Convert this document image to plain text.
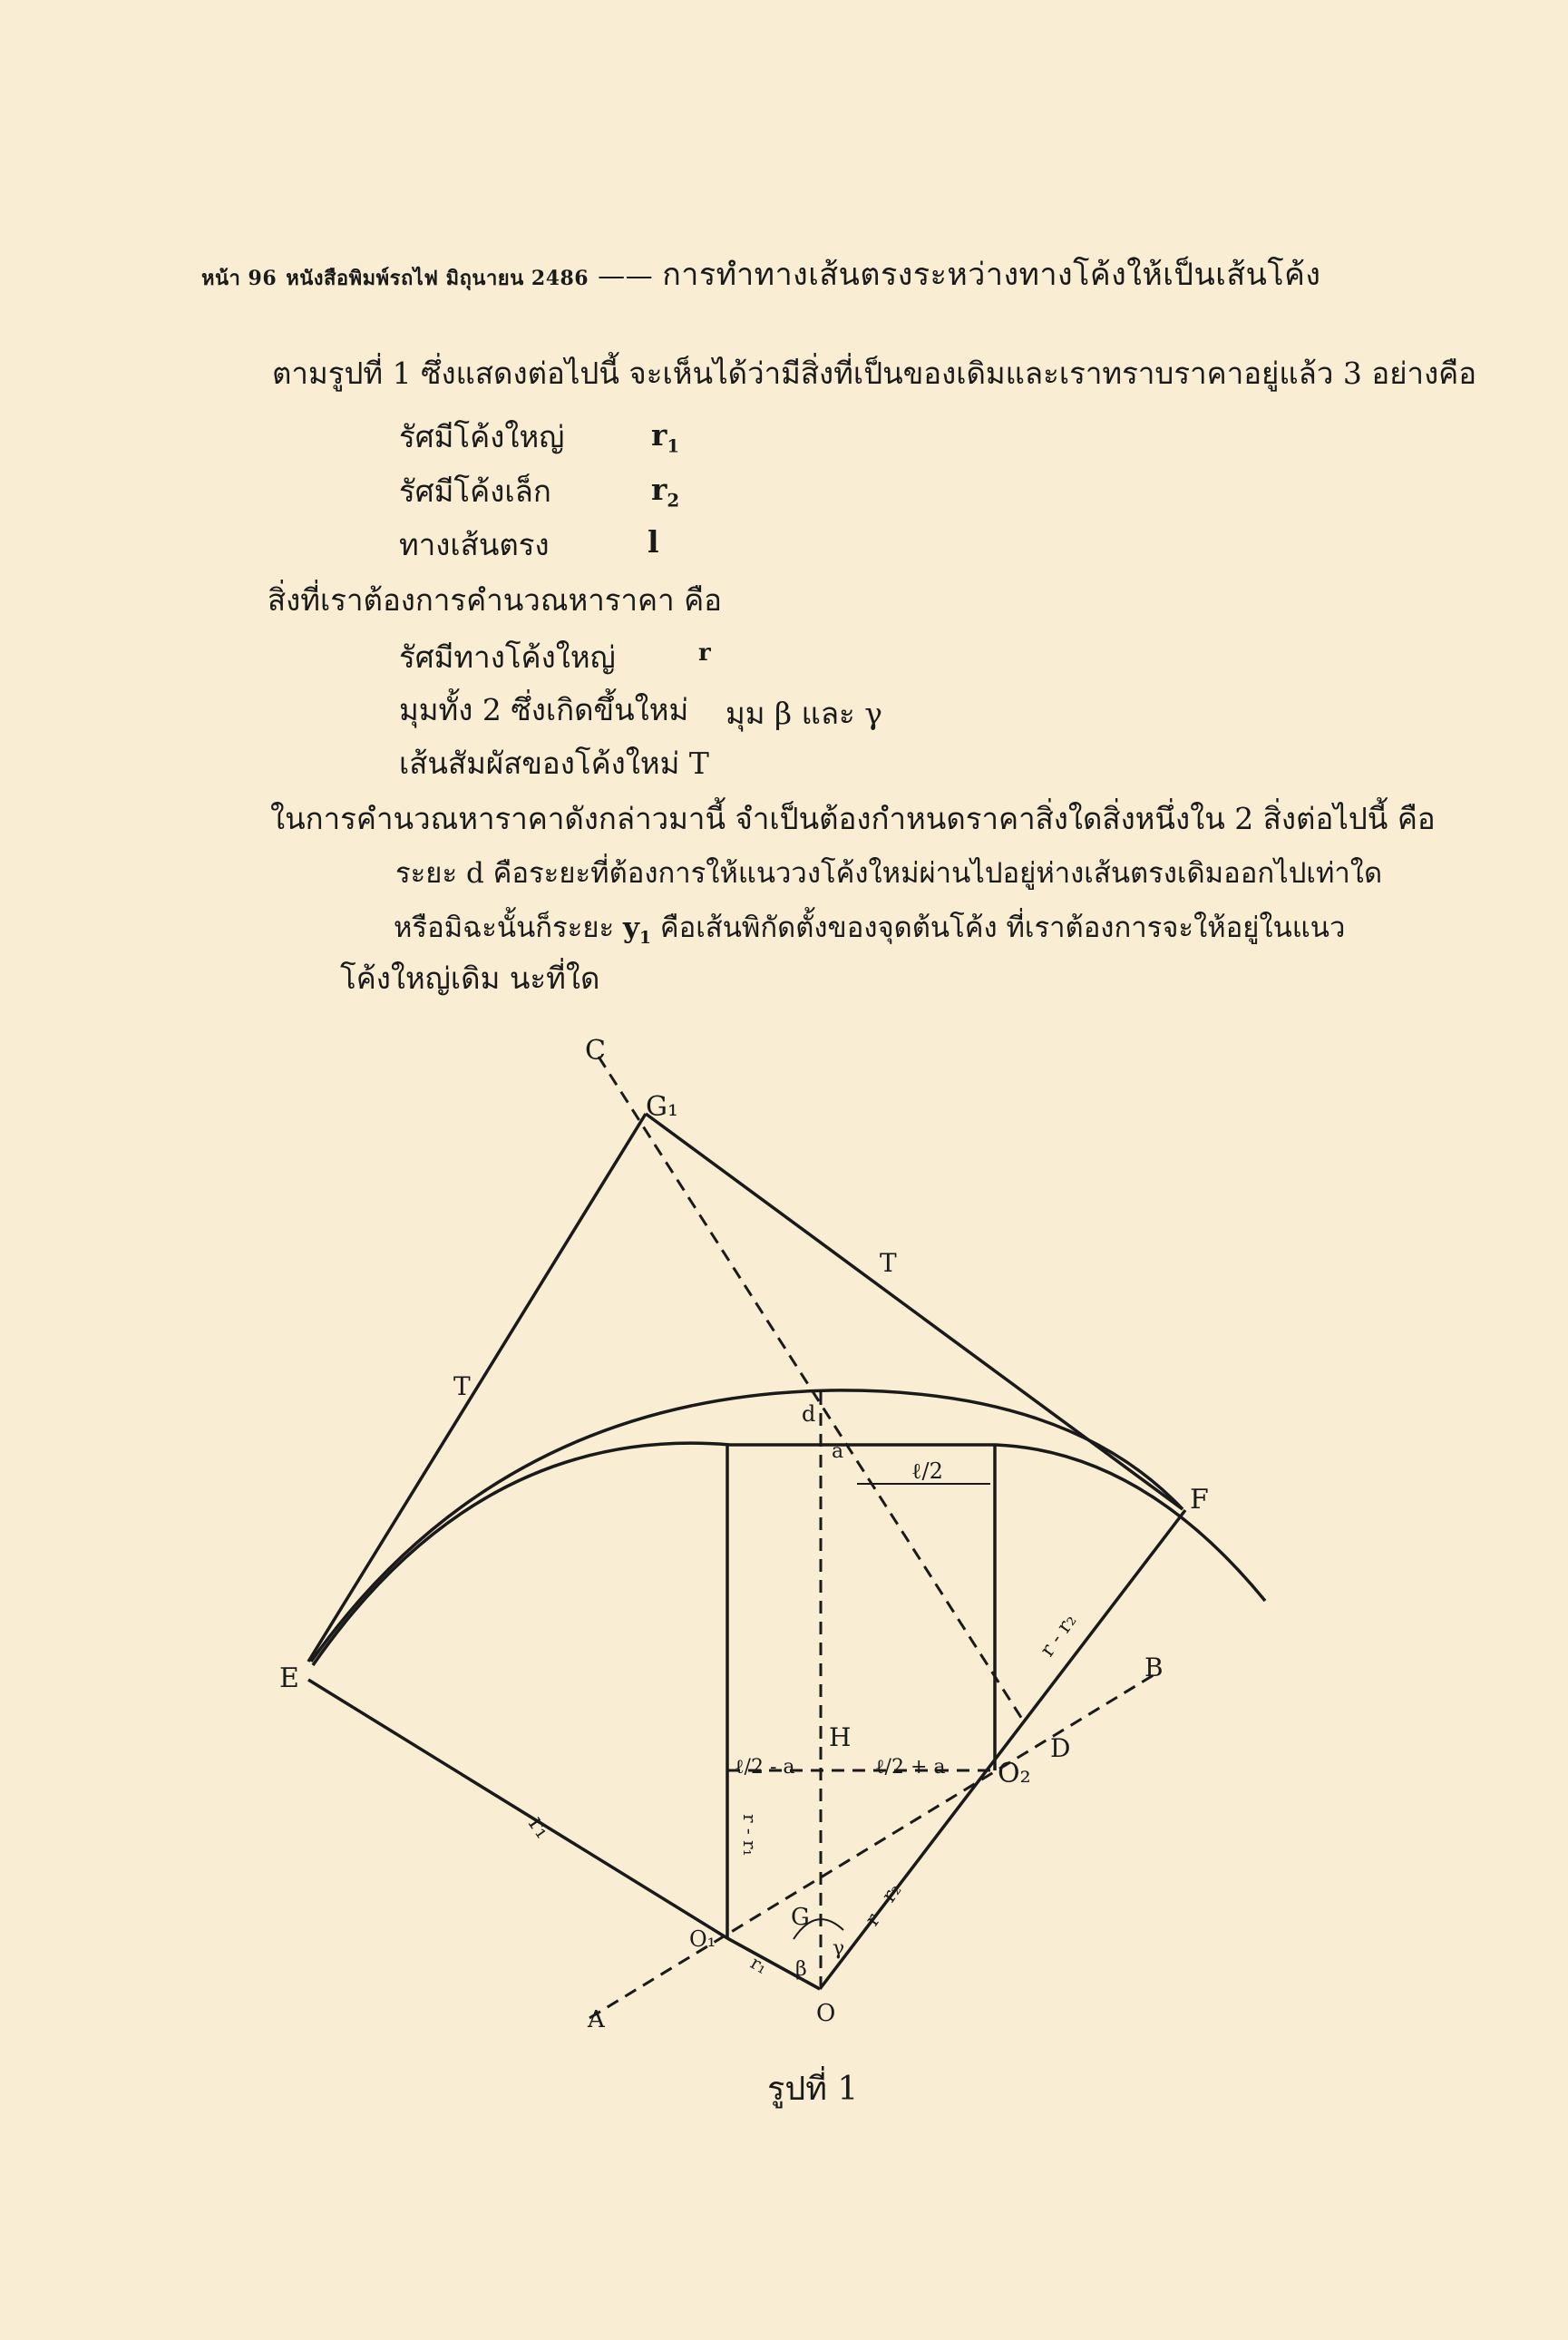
หน้า 96 หนังสือพิมพ์รถไฟ มิถุนายน 2486 —— การทำทางเส้นตรงระหว่างทางโค้งให้เป็นเส้นโค้ง
ตามรูปที่ 1 ซึ่งแสดงต่อไปนี้ จะเห็นได้ว่ามีสิ่งที่เป็นของเดิมและเราทราบราคาอยู่แล้ว 3 อย่างคือ
รัศมีโค้งใหญ่	$r_1$
รัศมีโค้งเล็ก	$r_2$
ทางเส้นตรง	l
สิ่งที่เราต้องการคำนวณหาราคา คือ
รัศมีทางโค้งใหญ่	r
มุมทั้ง 2 ซึ่งเกิดขึ้นใหม่ มุม β และ γ
เส้นสัมผัสของโค้งใหม่ T
ในการคำนวณหาราคาดังกล่าวมานี้ จำเป็นต้องกำหนดราคาสิ่งใดสิ่งหนึ่งใน 2 สิ่งต่อไปนี้ คือ
ระยะ d คือระยะที่ต้องการให้แนววงโค้งใหม่ผ่านไปอยู่ห่างเส้นตรงเดิมออกไปเท่าใด
หรือมิฉะนั้นก็ระยะ $y_1$ คือเส้นพิกัดตั้งของจุดต้นโค้ง ที่เราต้องการจะให้อยู่ในแนว
โค้งใหญ่เดิม นะที่ใด
C
G₁
T
T
d
a
ℓ/2
F
E
r - r₂
B
D
H
ℓ/2 - a	ℓ/2 + a O₂
r₁	r - r₁
G
O₁
β
γ
r - r₂
r₁
O
A
รูปที่ 1
